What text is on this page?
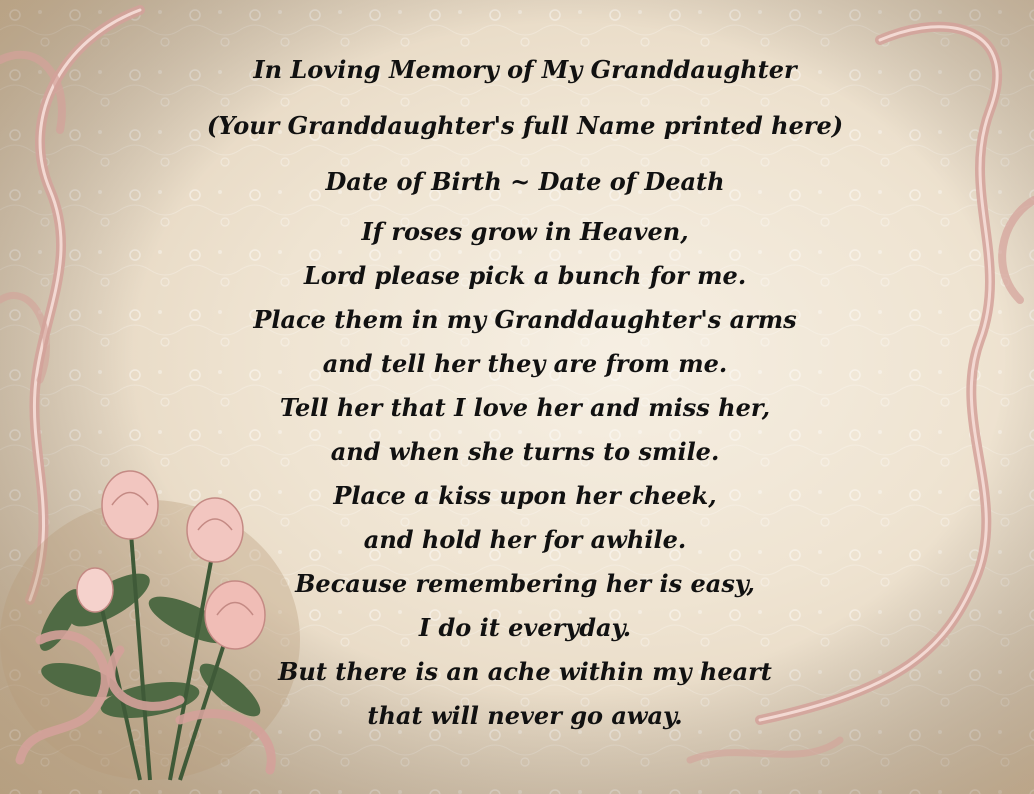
In Loving Memory of My Granddaughter
(Your Granddaughter's full Name printed here)
Date of Birth ~ Date of Death
If roses grow in Heaven,
Lord please pick a bunch for me.
Place them in my Granddaughter's arms
and tell her they are from me.
Tell her that I love her and miss her,
and when she turns to smile.
Place a kiss upon her cheek,
and hold her for awhile.
Because remembering her is easy,
I do it everyday.
But there is an ache within my heart
that will never go away.
